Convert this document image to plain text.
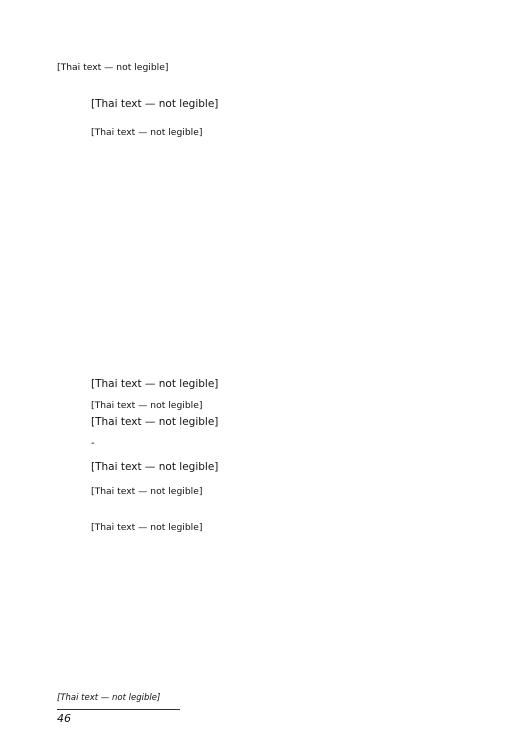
[Thai text — not legible]

[Thai text — not legible]

[Thai text — not legible]

[Thai text — not legible]

[Thai text — not legible]

[Thai text — not legible]
-
[Thai text — not legible]

[Thai text — not legible]

[Thai text — not legible]

[Thai text — not legible]
46
